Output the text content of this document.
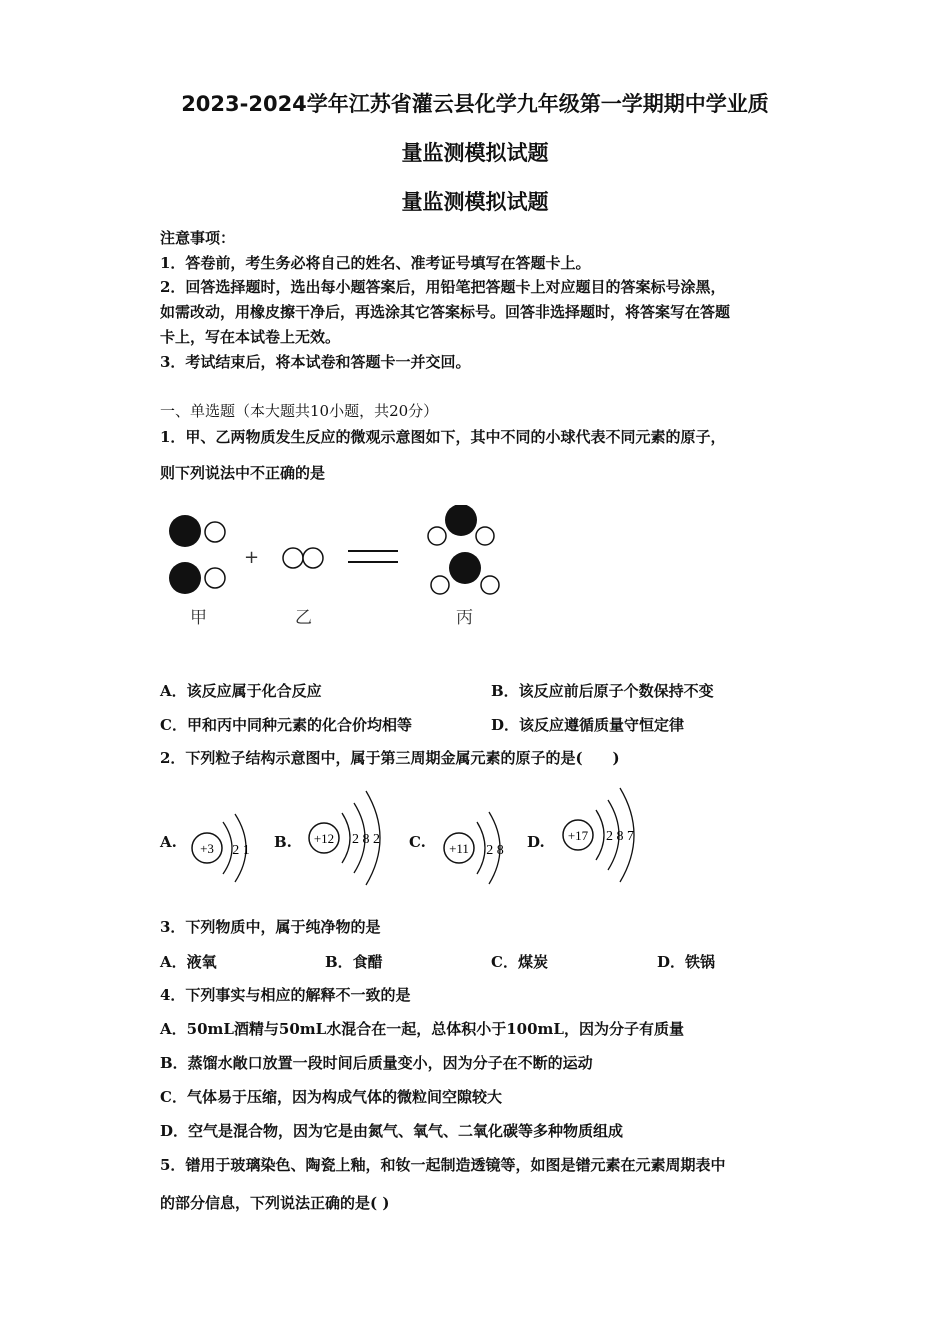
2023-2024学年江苏省灌云县化学九年级第一学期期中学业质
量监测模拟试题
量监测模拟试题
注意事项：
1．答卷前，考生务必将自己的姓名、准考证号填写在答题卡上。
2．回答选择题时，选出每小题答案后，用铅笔把答题卡上对应题目的答案标号涂黑，
如需改动，用橡皮擦干净后，再选涂其它答案标号。回答非选择题时，将答案写在答题
卡上，写在本试卷上无效。
3．考试结束后，将本试卷和答题卡一并交回。
一、单选题（本大题共10小题，共20分）
1．甲、乙两物质发生反应的微观示意图如下，其中不同的小球代表不同元素的原子，
则下列说法中不正确的是
+
甲	乙	丙
A．该反应属于化合反应	B．该反应前后原子个数保持不变
C．甲和丙中同种元素的化合价均相等	D．该反应遵循质量守恒定律
2．下列粒子结构示意图中，属于第三周期金属元素的原子的是(　　)
A. +3 2 1 B. +12 2 8 2 C. +11 2 8 D. +17 2 8 7
3．下列物质中，属于纯净物的是
A．液氧	B．食醋	C．煤炭	D．铁锅
4．下列事实与相应的解释不一致的是
A．50mL酒精与50mL水混合在一起，总体积小于100mL，因为分子有质量
B．蒸馏水敞口放置一段时间后质量变小，因为分子在不断的运动
C．气体易于压缩，因为构成气体的微粒间空隙较大
D．空气是混合物，因为它是由氮气、氧气、二氧化碳等多种物质组成
5．镨用于玻璃染色、陶瓷上釉，和钕一起制造透镜等，如图是镨元素在元素周期表中
的部分信息，下列说法正确的是( )
